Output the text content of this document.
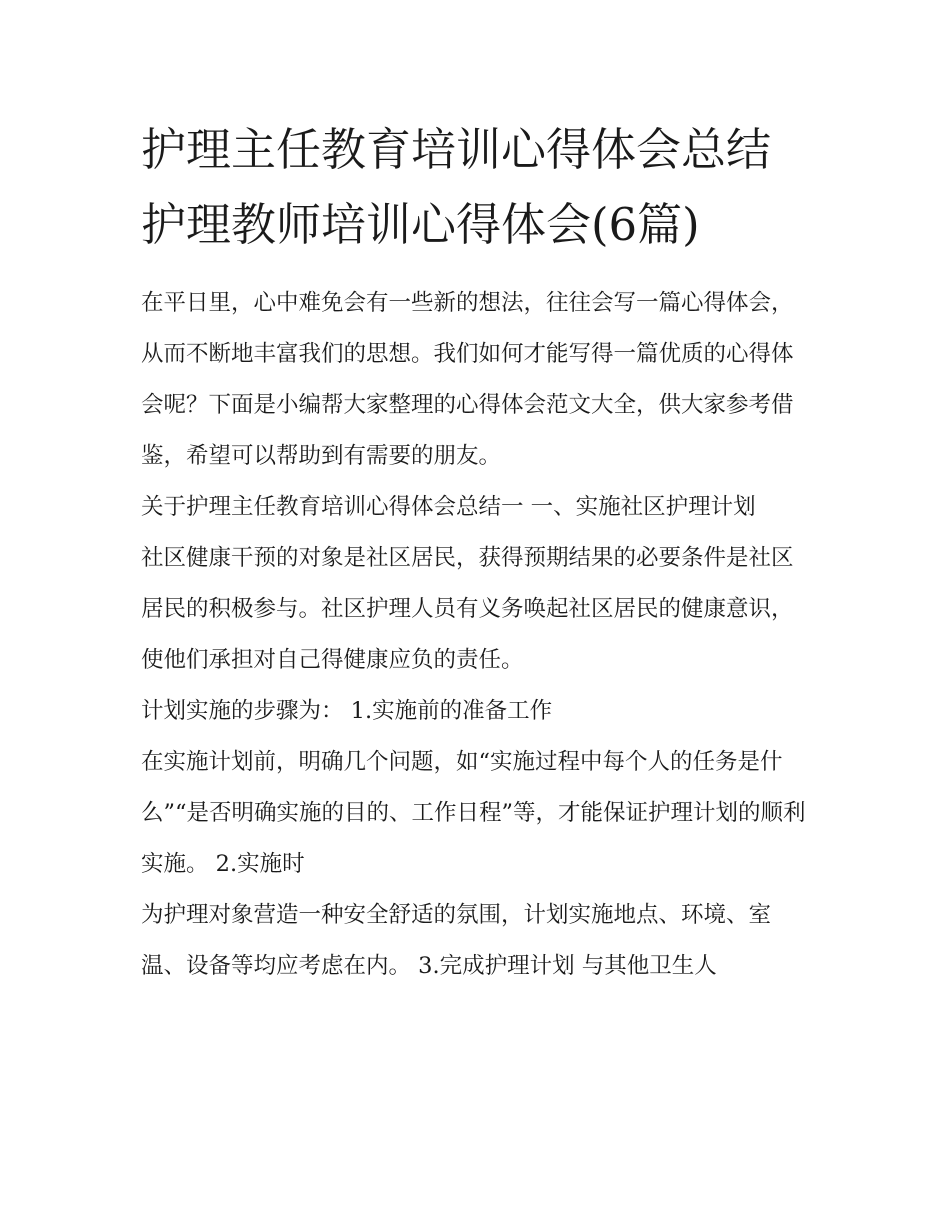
护理主任教育培训心得体会总结 护理教师培训心得体会(6篇)

在平日里，心中难免会有一些新的想法，往往会写一篇心得体会，从而不断地丰富我们的思想。我们如何才能写得一篇优质的心得体会呢？下面是小编帮大家整理的心得体会范文大全，供大家参考借鉴，希望可以帮助到有需要的朋友。

关于护理主任教育培训心得体会总结一 一、实施社区护理计划

社区健康干预的对象是社区居民，获得预期结果的必要条件是社区居民的积极参与。社区护理人员有义务唤起社区居民的健康意识，使他们承担对自己得健康应负的责任。

计划实施的步骤为： 1.实施前的准备工作

在实施计划前，明确几个问题，如“实施过程中每个人的任务是什么”“是否明确实施的目的、工作日程”等，才能保证护理计划的顺利实施。 2.实施时

为护理对象营造一种安全舒适的氛围，计划实施地点、环境、室温、设备等均应考虑在内。 3.完成护理计划 与其他卫生人
